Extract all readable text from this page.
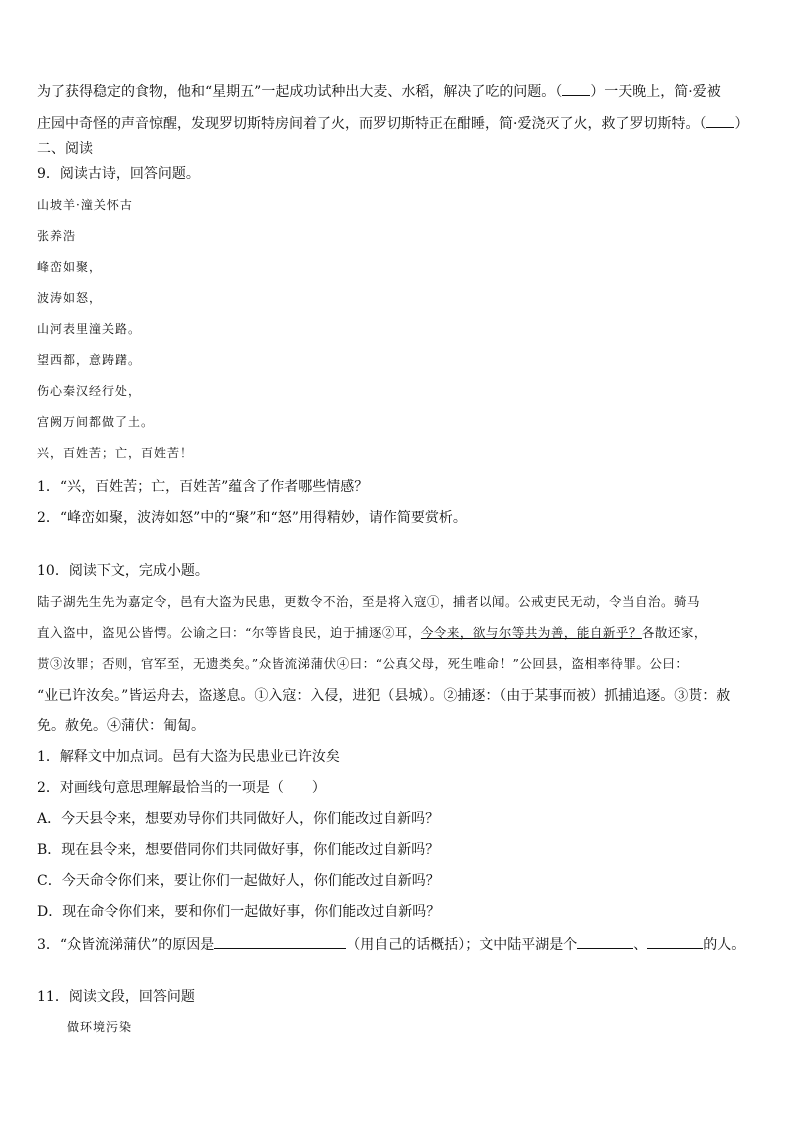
为了获得稳定的食物，他和“星期五”一起成功试种出大麦、水稻，解决了吃的问题。（ ）一天晚上，简·爱被
庄园中奇怪的声音惊醒，发现罗切斯特房间着了火，而罗切斯特正在酣睡，简·爱浇灭了火，救了罗切斯特。（ ）
二、阅读
9．阅读古诗，回答问题。
山坡羊·潼关怀古
张养浩
峰峦如聚，
波涛如怒，
山河表里潼关路。
望西都，意踌躇。
伤心秦汉经行处，
宫阙万间都做了土。
兴，百姓苦；亡，百姓苦！
1．“兴，百姓苦；亡，百姓苦”蕴含了作者哪些情感？
2．“峰峦如聚，波涛如怒”中的“聚”和“怒”用得精妙，请作简要赏析。
10．阅读下文，完成小题。
陆子湖先生先为嘉定令，邑有大盗为民患，更数令不治，至是将入寇①，捕者以闻。公戒吏民无动，令当自治。骑马
直入盗中，盗见公皆愕。公谕之曰：“尔等皆良民，迫于捕逐②耳，今令来，欲与尔等共为善，能自新乎？各散还家，
贳③汝罪；否则，官军至，无遗类矣。”众皆流涕蒲伏④曰：“公真父母，死生唯命！”公回县，盗相率待罪。公曰：
“业已许汝矣。”皆运舟去，盗遂息。①入寇：入侵，进犯（县城）。②捕逐：（由于某事而被）抓捕追逐。③贳：赦
免。赦免。④蒲伏：匍匐。
1．解释文中加点词。邑有大盗为民患业已许汝矣
2．对画线句意思理解最恰当的一项是（　　）
A．今天县令来，想要劝导你们共同做好人，你们能改过自新吗？
B．现在县令来，想要借同你们共同做好事，你们能改过自新吗？
C．今天命令你们来，要让你们一起做好人，你们能改过自新吗？
D．现在命令你们来，要和你们一起做好事，你们能改过自新吗？
3．“众皆流涕蒲伏”的原因是	（用自己的话概括）；文中陆平湖是个	、	的人。
11．阅读文段，回答问题
做环境污染
